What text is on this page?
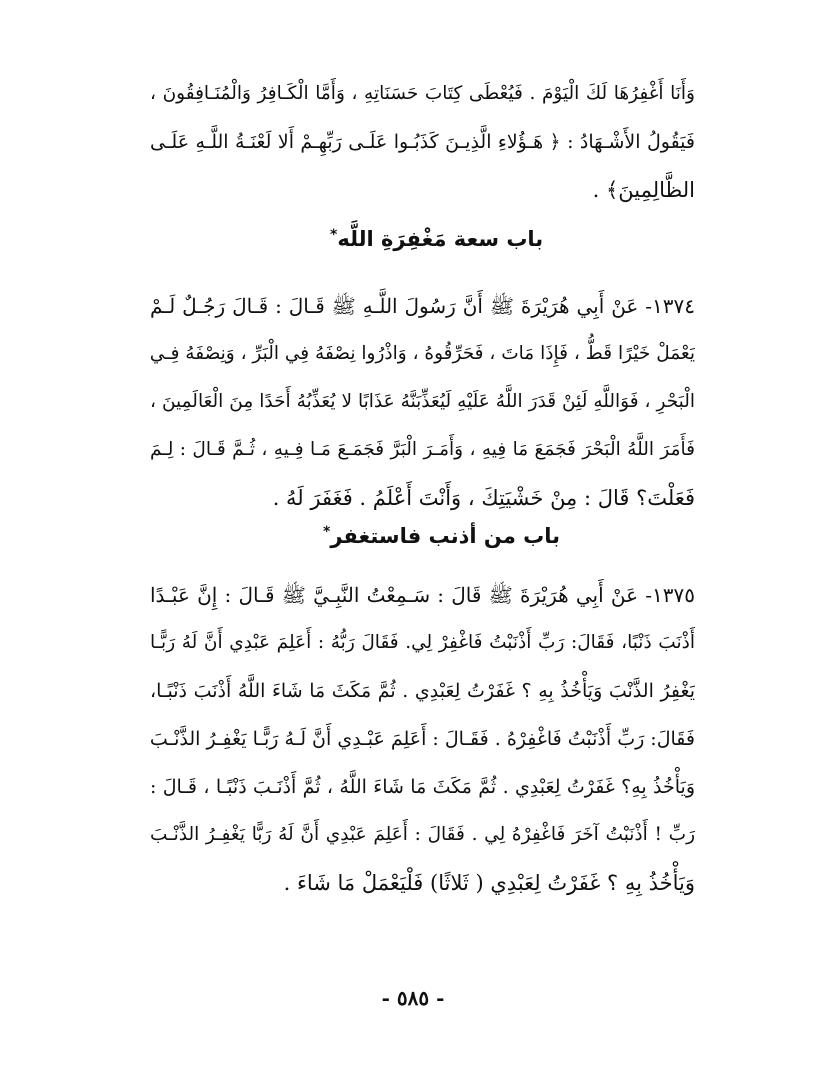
وَأَنَا أَغْفِرُهَا لَكَ الْيَوْمَ . فَيُعْطَى كِتَابَ حَسَنَاتِهِ ، وَأَمَّا الْكَـافِرُ وَالْمُنَـافِقُونَ ،
فَيَقُولُ الأَشْـهَادُ : ﴿ هَـؤُلاءِ الَّذِيـنَ كَذَبُـوا عَلَـى رَبِّهِـمْ أَلا لَعْنَـةُ اللَّـهِ عَلَـى
الظَّالِمِينَ﴾ .
باب سعة مَغْفِرَةِ اللَّه*
١٣٧٤- عَنْ أَبِي هُرَيْرَةَ ﷺ أَنَّ رَسُولَ اللَّـهِ ﷺ قَـالَ : قَـالَ رَجُـلٌ لَـمْ
يَعْمَلْ خَيْرًا قَطُّ ، فَإِذَا مَاتَ ، فَحَرِّقُوهُ ، وَاذْرُوا نِصْفَهُ فِي الْبَرِّ ، وَنِصْفَهُ فِـي
الْبَحْرِ ، فَوَاللَّهِ لَئِنْ قَدَرَ اللَّهُ عَلَيْهِ لَيُعَذِّبَنَّهُ عَذَابًا لا يُعَذِّبُهُ أَحَدًا مِنَ الْعَالَمِينَ ،
فَأَمَرَ اللَّهُ الْبَحْرَ فَجَمَعَ مَا فِيهِ ، وَأَمَـرَ الْبَرَّ فَجَمَـعَ مَـا فِـيهِ ، ثُـمَّ قَـالَ : لِـمَ
فَعَلْتَ؟ قَالَ : مِنْ خَشْيَتِكَ ، وَأَنْتَ أَعْلَمُ . فَغَفَرَ لَهُ .
باب من أذنب فاستغفر*
١٣٧٥- عَنْ أَبِي هُرَيْرَةَ ﷺ قَالَ : سَـمِعْتُ النَّبِـيَّ ﷺ قَـالَ : إِنَّ عَبْـدًا
أَذْنَبَ ذَنْبًا، فَقَالَ: رَبِّ أَذْنَبْتُ فَاغْفِرْ لِي. فَقَالَ رَبُّهُ : أَعَلِمَ عَبْدِي أَنَّ لَهُ رَبًّـا
يَغْفِرُ الذَّنْبَ وَيَأْخُذُ بِهِ ؟ غَفَرْتُ لِعَبْدِي . ثُمَّ مَكَثَ مَا شَاءَ اللَّهُ أَذْنَبَ ذَنْبًـا،
فَقَالَ: رَبِّ أَذْنَبْتُ فَاغْفِرْهُ . فَقَـالَ : أَعَلِمَ عَبْـدِي أَنَّ لَـهُ رَبًّـا يَغْفِـرُ الذَّنْـبَ
وَيَأْخُذُ بِهِ؟ غَفَرْتُ لِعَبْدِي . ثُمَّ مَكَثَ مَا شَاءَ اللَّهُ ، ثُمَّ أَذْنَـبَ ذَنْبًـا ، قَـالَ :
رَبِّ ! أَذْنَبْتُ آخَرَ فَاغْفِرْهُ لِي . فَقَالَ : أَعَلِمَ عَبْدِي أَنَّ لَهُ رَبًّا يَغْفِـرُ الذَّنْـبَ
وَيَأْخُذُ بِهِ ؟ غَفَرْتُ لِعَبْدِي ( ثَلاثًا) فَلْيَعْمَلْ مَا شَاءَ .
- ٥٨٥ -
